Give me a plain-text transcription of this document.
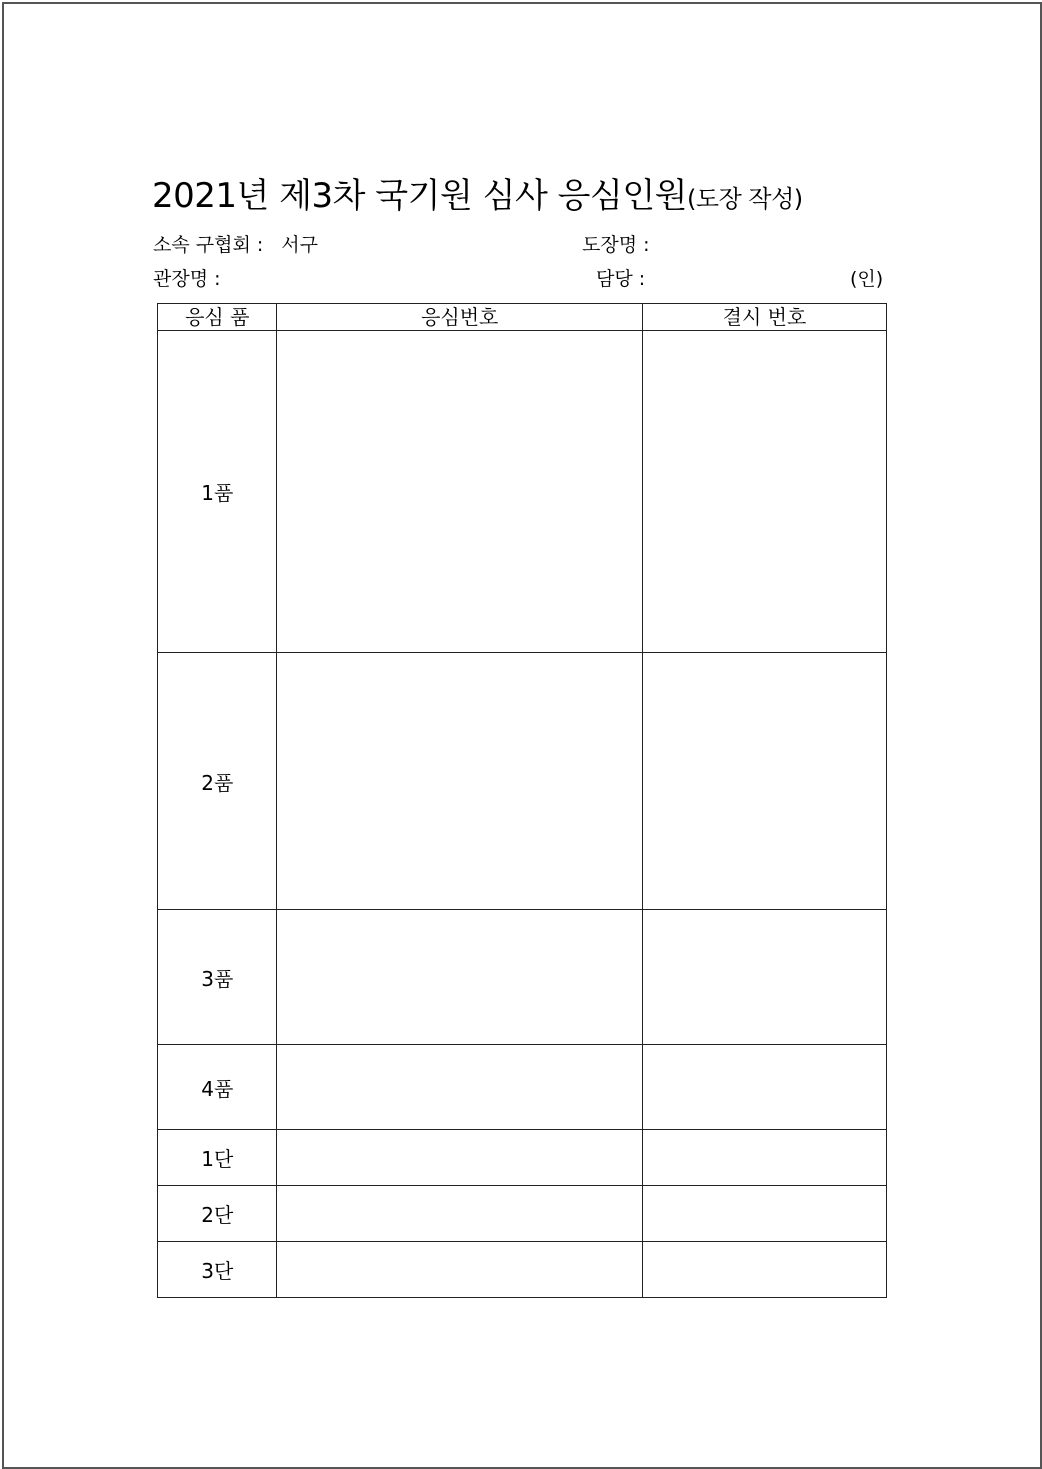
2021년 제3차 국기원 심사 응심인원(도장 작성)
소속 구협회 : 서구	도장명 :
관장명 :	담당 :	(인)
응심 품	응심번호	결시 번호
1품		
2품		
3품		
4품		
1단		
2단		
3단		
